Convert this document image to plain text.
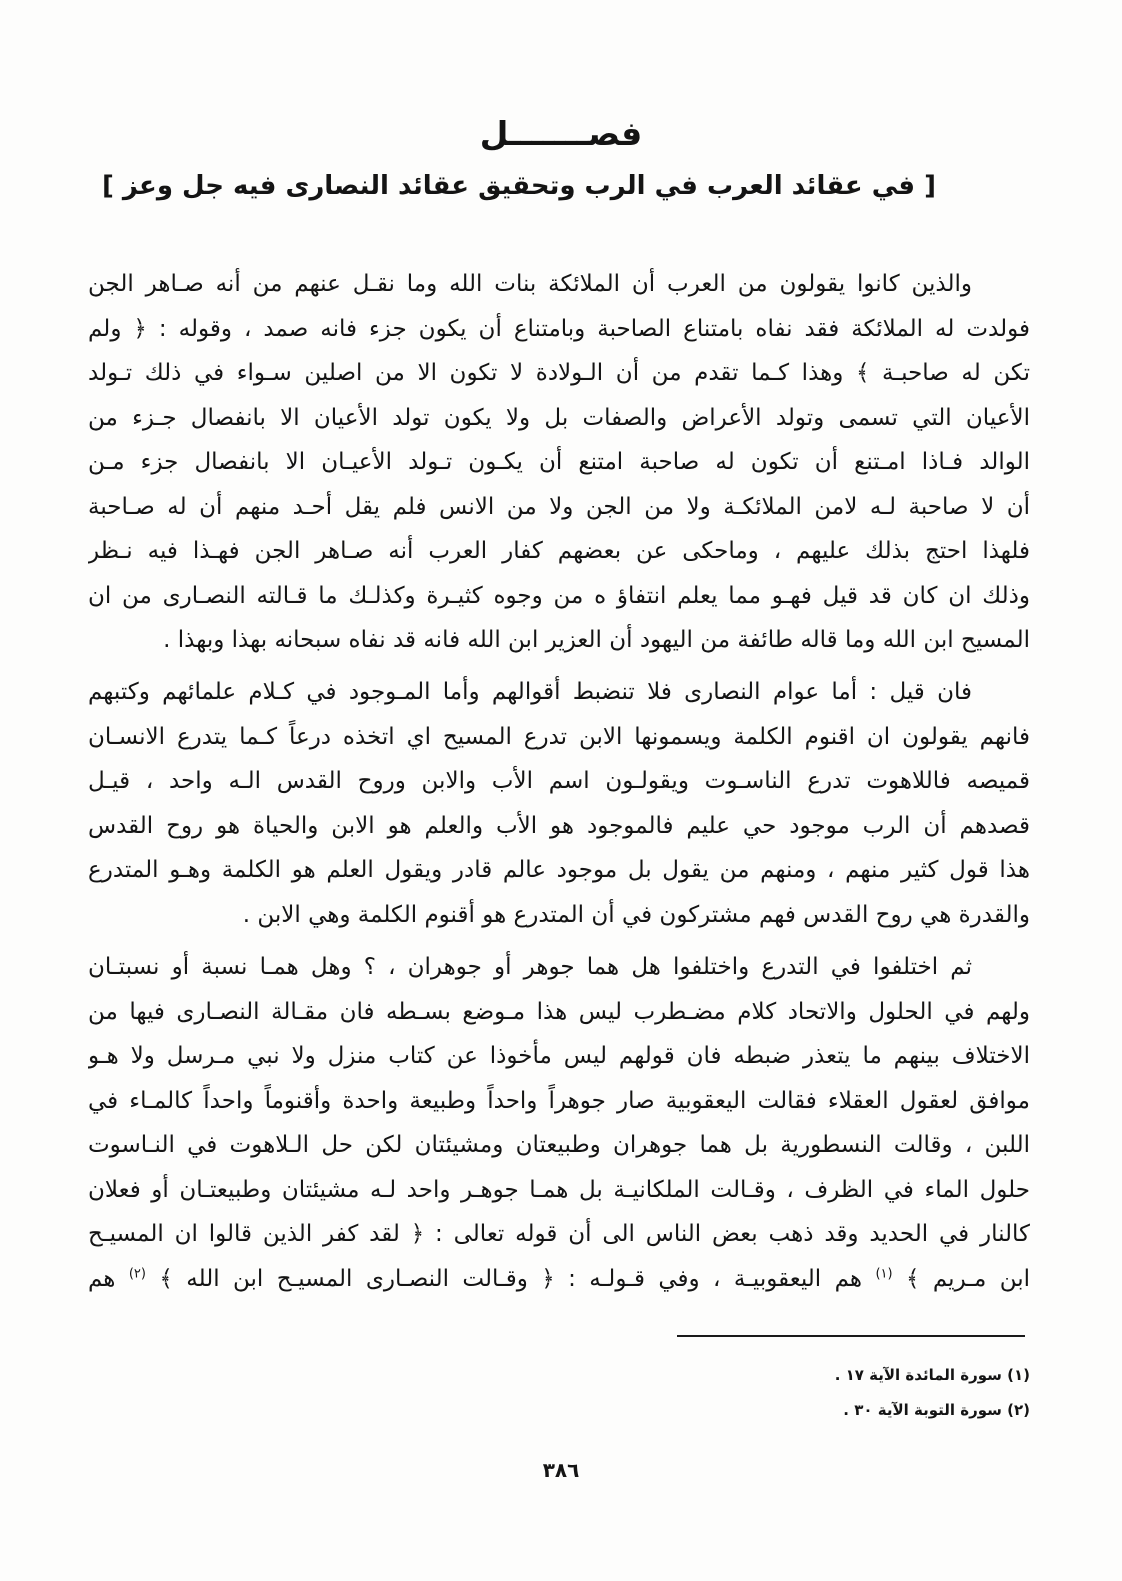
فصـــــــل
[ في عقائد العرب في الرب وتحقيق عقائد النصارى فيه جل وعز ]
والذين كانوا يقولون من العرب أن الملائكة بنات الله وما نقـل عنهم من أنه صـاهر الجن
فولدت له الملائكة فقد نفاه بامتناع الصاحبة وبامتناع أن يكون جزء فانه صمد ، وقوله : ﴿ ولم
تكن له صاحبـة ﴾ وهذا كـما تقدم من أن الـولادة لا تكون الا من اصلين سـواء في ذلك تـولد
الأعيان التي تسمى وتولد الأعراض والصفات بل ولا يكون تولد الأعيان الا بانفصال جـزء من
الوالد فـاذا امـتنع أن تكون له صاحبة امتنع أن يكـون تـولد الأعيـان الا بانفصال جزء مـن
أن لا صاحبة لـه لامن الملائكـة ولا من الجن ولا من الانس فلم يقل أحـد منهم أن له صـاحبة
فلهذا احتج بذلك عليهم ، وماحكى عن بعضهم كفار العرب أنه صـاهر الجن فهـذا فيه نـظر
وذلك ان كان قد قيل فهـو مما يعلم انتفاؤ ه من وجوه كثيـرة وكذلـك ما قـالته النصـارى من ان
المسيح ابن الله وما قاله طائفة من اليهود أن العزير ابن الله فانه قد نفاه سبحانه بهذا وبهذا .
فان قيل : أما عوام النصارى فلا تنضبط أقوالهم وأما المـوجود في كـلام علمائهم وكتبهم
فانهم يقولون ان اقنوم الكلمة ويسمونها الابن تدرع المسيح اي اتخذه درعاً كـما يتدرع الانسـان
قميصه فاللاهوت تدرع الناسـوت ويقولـون اسم الأب والابن وروح القدس الـه واحد ، قيـل
قصدهم أن الرب موجود حي عليم فالموجود هو الأب والعلم هو الابن والحياة هو روح القدس
هذا قول كثير منهم ، ومنهم من يقول بل موجود عالم قادر ويقول العلم هو الكلمة وهـو المتدرع
والقدرة هي روح القدس فهم مشتركون في أن المتدرع هو أقنوم الكلمة وهي الابن .
ثم اختلفوا في التدرع واختلفوا هل هما جوهر أو جوهران ، ؟ وهل همـا نسبة أو نسبتـان
ولهم في الحلول والاتحاد كلام مضـطرب ليس هذا مـوضع بسـطه فان مقـالة النصـارى فيها من
الاختلاف بينهم ما يتعذر ضبطه فان قولهم ليس مأخوذا عن كتاب منزل ولا نبي مـرسل ولا هـو
موافق لعقول العقلاء فقالت اليعقوبية صار جوهراً واحداً وطبيعة واحدة وأقنوماً واحداً كالمـاء في
اللبن ، وقالت النسطورية بل هما جوهران وطبيعتان ومشيئتان لكن حل الـلاهوت في النـاسوت
حلول الماء في الظرف ، وقـالت الملكانيـة بل همـا جوهـر واحد لـه مشيئتان وطبيعتـان أو فعلان
كالنار في الحديد وقد ذهب بعض الناس الى أن قوله تعالى : ﴿ لقد كفر الذين قالوا ان المسيـح
ابن مـريم ﴾ $^{(١)}$ هم اليعقوبيـة ، وفي قـولـه : ﴿ وقـالت النصـارى المسيـح ابن الله ﴾ $^{(٢)}$ هم
(١) سورة المائدة الآية ١٧ .
(٢) سورة التوبة الآية ٣٠ .
٣٨٦
